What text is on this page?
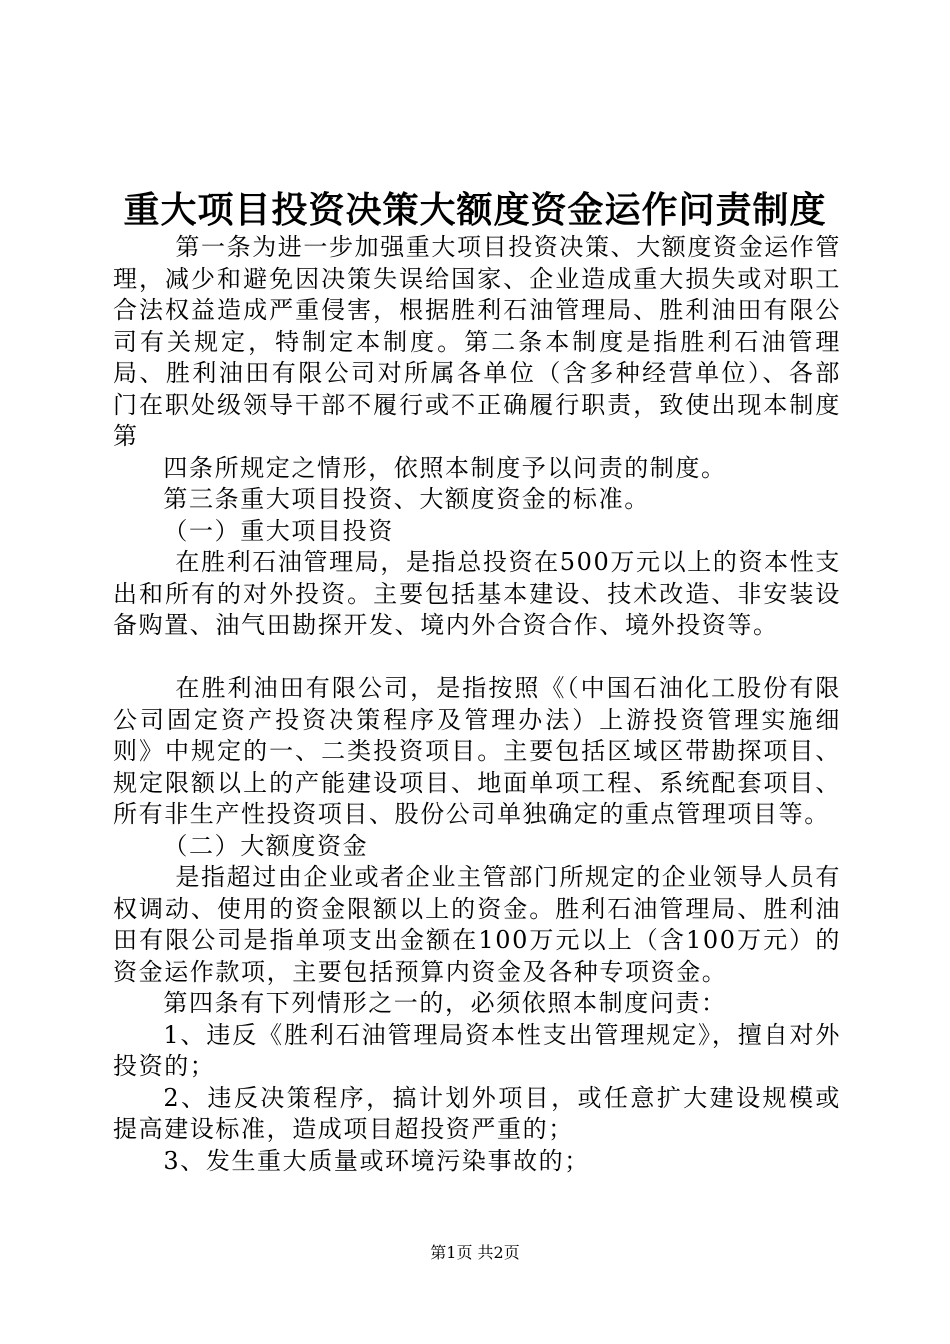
重大项目投资决策大额度资金运作问责制度

第一条为进一步加强重大项目投资决策、大额度资金运作管理，减少和避免因决策失误给国家、企业造成重大损失或对职工合法权益造成严重侵害，根据胜利石油管理局、胜利油田有限公司有关规定，特制定本制度。第二条本制度是指胜利石油管理局、胜利油田有限公司对所属各单位（含多种经营单位）、各部门在职处级领导干部不履行或不正确履行职责，致使出现本制度第

四条所规定之情形，依照本制度予以问责的制度。

第三条重大项目投资、大额度资金的标准。

（一）重大项目投资

在胜利石油管理局，是指总投资在500万元以上的资本性支出和所有的对外投资。主要包括基本建设、技术改造、非安装设备购置、油气田勘探开发、境内外合资合作、境外投资等。

在胜利油田有限公司，是指按照《（中国石油化工股份有限公司固定资产投资决策程序及管理办法）上游投资管理实施细则》中规定的一、二类投资项目。主要包括区域区带勘探项目、规定限额以上的产能建设项目、地面单项工程、系统配套项目、所有非生产性投资项目、股份公司单独确定的重点管理项目等。

（二）大额度资金

是指超过由企业或者企业主管部门所规定的企业领导人员有权调动、使用的资金限额以上的资金。胜利石油管理局、胜利油田有限公司是指单项支出金额在100万元以上（含100万元）的资金运作款项，主要包括预算内资金及各种专项资金。

第四条有下列情形之一的，必须依照本制度问责：

1、违反《胜利石油管理局资本性支出管理规定》，擅自对外投资的；

2、违反决策程序，搞计划外项目，或任意扩大建设规模或提高建设标准，造成项目超投资严重的；

3、发生重大质量或环境污染事故的；

第1页 共2页
